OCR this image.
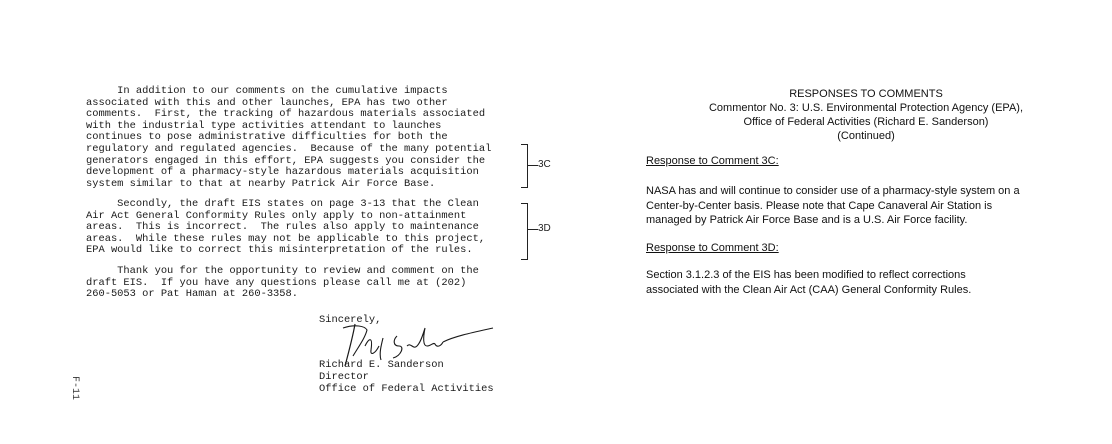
In addition to our comments on the cumulative impacts
associated with this and other launches, EPA has two other
comments.  First, the tracking of hazardous materials associated
with the industrial type activities attendant to launches
continues to pose administrative difficulties for both the
regulatory and regulated agencies.  Because of the many potential
generators engaged in this effort, EPA suggests you consider the
development of a pharmacy-style hazardous materials acquisition
system similar to that at nearby Patrick Air Force Base.
Secondly, the draft EIS states on page 3-13 that the Clean
Air Act General Conformity Rules only apply to non-attainment
areas.  This is incorrect.  The rules also apply to maintenance
areas.  While these rules may not be applicable to this project,
EPA would like to correct this misinterpretation of the rules.
Thank you for the opportunity to review and comment on the
draft EIS.  If you have any questions please call me at (202)
260-5053 or Pat Haman at 260-3358.
3C
3D
Sincerely,
Richard E. Sanderson
Director
Office of Federal Activities
F-11
RESPONSES TO COMMENTS
Commentor No. 3: U.S. Environmental Protection Agency (EPA),
Office of Federal Activities (Richard E. Sanderson)
(Continued)
Response to Comment 3C:
NASA has and will continue to consider use of a pharmacy-style system on a
Center-by-Center basis. Please note that Cape Canaveral Air Station is
managed by Patrick Air Force Base and is a U.S. Air Force facility.
Response to Comment 3D:
Section 3.1.2.3 of the EIS has been modified to reflect corrections
associated with the Clean Air Act (CAA) General Conformity Rules.
